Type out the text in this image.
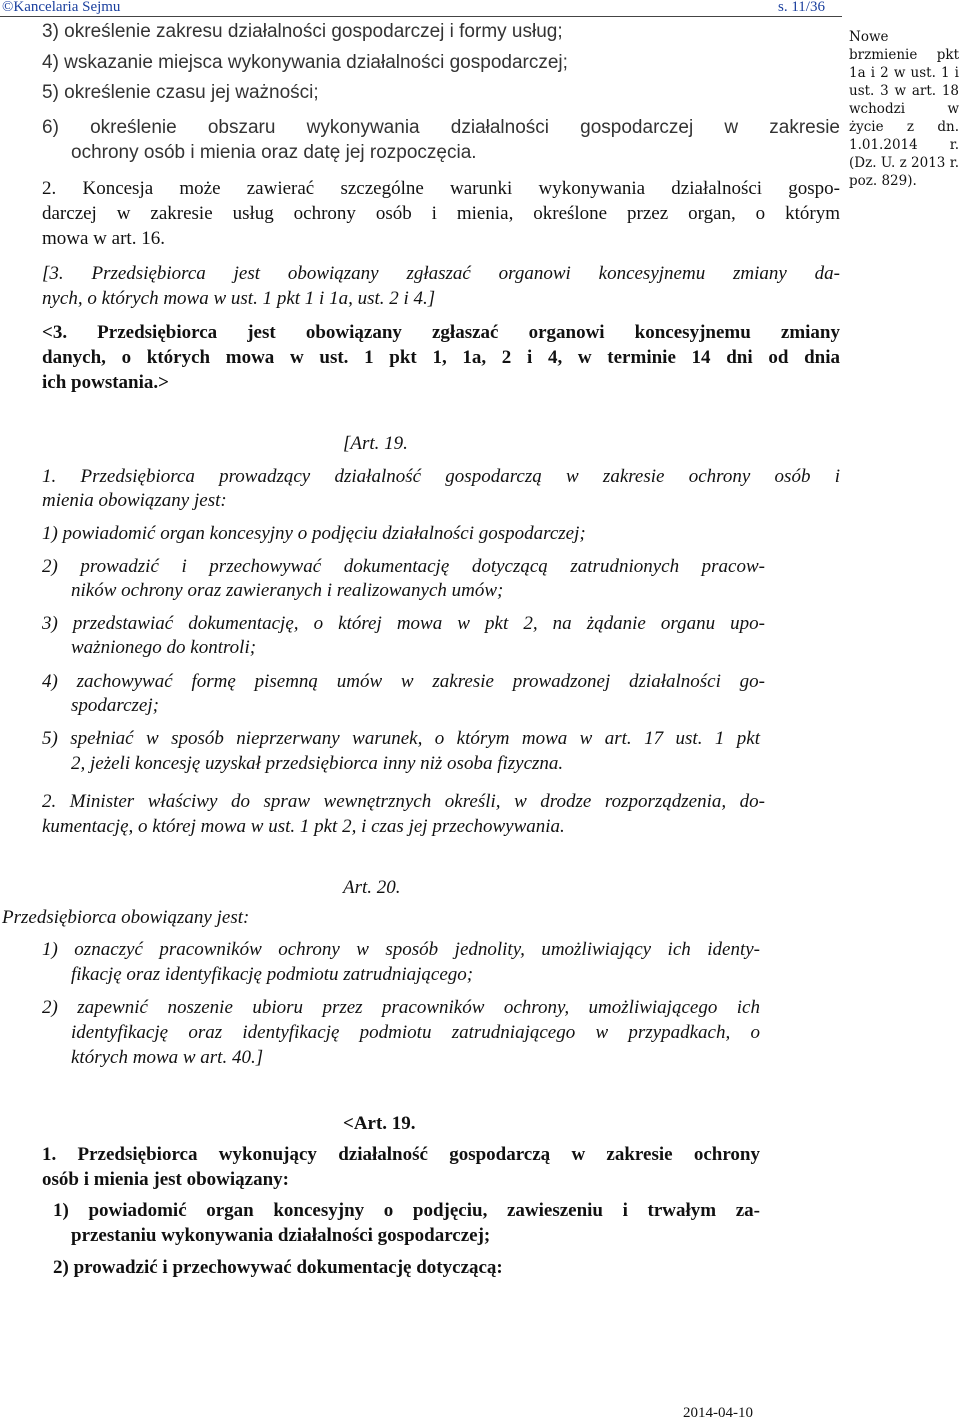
©Kancelaria Sejmu	s. 11/36
Nowe brzmienie pkt 1a i 2 w ust. 1 i ust. 3 w art. 18 wchodzi w życie z dn. 1.01.2014 r. (Dz. U. z 2013 r. poz. 829).
3) określenie zakresu działalności gospodarczej i formy usług;
4) wskazanie miejsca wykonywania działalności gospodarczej;
5) określenie czasu jej ważności;
6) określenie obszaru wykonywania działalności gospodarczej w zakresie
ochrony osób i mienia oraz datę jej rozpoczęcia.
2. Koncesja może zawierać szczególne warunki wykonywania działalności gospo-
darczej w zakresie usług ochrony osób i mienia, określone przez organ, o którym
mowa w art. 16.
[3. Przedsiębiorca jest obowiązany zgłaszać organowi koncesyjnemu zmiany da-
nych, o których mowa w ust. 1 pkt 1 i 1a, ust. 2 i 4.]
<3. Przedsiębiorca jest obowiązany zgłaszać organowi koncesyjnemu zmiany
danych, o których mowa w ust. 1 pkt 1, 1a, 2 i 4, w terminie 14 dni od dnia
ich powstania.>
[Art. 19.
1. Przedsiębiorca prowadzący działalność gospodarczą w zakresie ochrony osób i
mienia obowiązany jest:
1) powiadomić organ koncesyjny o podjęciu działalności gospodarczej;
2) prowadzić i przechowywać dokumentację dotyczącą zatrudnionych pracow-
ników ochrony oraz zawieranych i realizowanych umów;
3) przedstawiać dokumentację, o której mowa w pkt 2, na żądanie organu upo-
ważnionego do kontroli;
4) zachowywać formę pisemną umów w zakresie prowadzonej działalności go-
spodarczej;
5) spełniać w sposób nieprzerwany warunek, o którym mowa w art. 17 ust. 1 pkt
2, jeżeli koncesję uzyskał przedsiębiorca inny niż osoba fizyczna.
2. Minister właściwy do spraw wewnętrznych określi, w drodze rozporządzenia, do-
kumentację, o której mowa w ust. 1 pkt 2, i czas jej przechowywania.
Art. 20.
Przedsiębiorca obowiązany jest:
1) oznaczyć pracowników ochrony w sposób jednolity, umożliwiający ich identy-
fikację oraz identyfikację podmiotu zatrudniającego;
2) zapewnić noszenie ubioru przez pracowników ochrony, umożliwiającego ich
identyfikację oraz identyfikację podmiotu zatrudniającego w przypadkach, o
których mowa w art. 40.]
<Art. 19.
1. Przedsiębiorca wykonujący działalność gospodarczą w zakresie ochrony
osób i mienia jest obowiązany:
1) powiadomić organ koncesyjny o podjęciu, zawieszeniu i trwałym za-
przestaniu wykonywania działalności gospodarczej;
2) prowadzić i przechowywać dokumentację dotyczącą:
2014-04-10
